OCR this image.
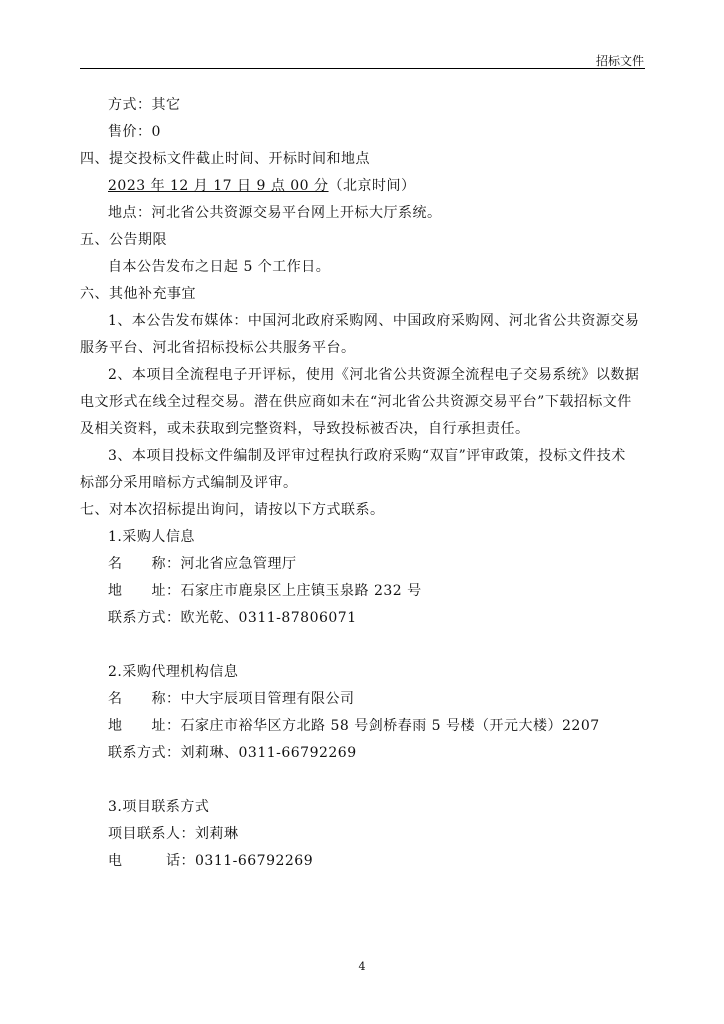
招标文件
方式：其它
售价：0
四、提交投标文件截止时间、开标时间和地点
2023 年 12 月 17 日 9 点 00 分（北京时间）
地点：河北省公共资源交易平台网上开标大厅系统。
五、公告期限
自本公告发布之日起 5 个工作日。
六、其他补充事宜
1、本公告发布媒体：中国河北政府采购网、中国政府采购网、河北省公共资源交易
服务平台、河北省招标投标公共服务平台。
2、本项目全流程电子开评标，使用《河北省公共资源全流程电子交易系统》以数据
电文形式在线全过程交易。潜在供应商如未在“河北省公共资源交易平台”下载招标文件
及相关资料，或未获取到完整资料，导致投标被否决，自行承担责任。
3、本项目投标文件编制及评审过程执行政府采购“双盲”评审政策，投标文件技术
标部分采用暗标方式编制及评审。
七、对本次招标提出询问，请按以下方式联系。
1.采购人信息
名　　称：河北省应急管理厅
地　　址：石家庄市鹿泉区上庄镇玉泉路 232 号
联系方式：欧光乾、0311-87806071
2.采购代理机构信息
名　　称：中大宇辰项目管理有限公司
地　　址：石家庄市裕华区方北路 58 号剑桥春雨 5 号楼（开元大楼）2207
联系方式：刘莉琳、0311-66792269
3.项目联系方式
项目联系人：刘莉琳
电　　　话：0311-66792269
4
